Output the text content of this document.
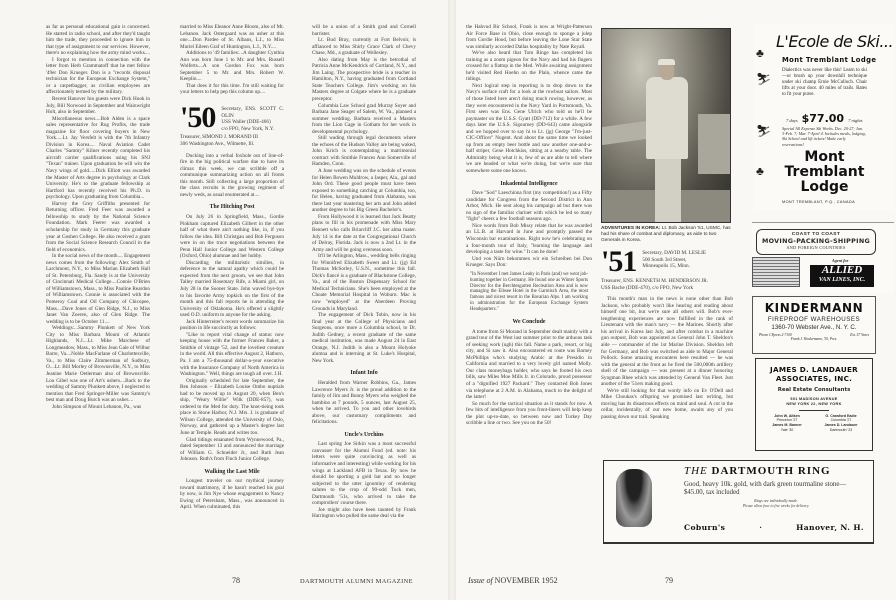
as far as personal educational gain is concerned. He started in radio school, and after they'd taught him the trade, they proceeded to ignore him in that type of assignment to our services. However, there's no explaining how the army mind works....

I forgot to mention in connection with the letter from Herb Grammatoff that he met fellow '49er Don Krueger. Don is a "records disposal technician for the European Exchange System," or a carpetbagger, as civilian employees are affectionately termed by the military.

Recent Hanover Inn guests were Dick Hook in July, Bill Norwood in September and Wainwright Holt, also in September.

Miscellaneous news....Bob Alden is a space sales representative for Rug Profits, the trade magazine for floor covering buyers in New York.....Lt. Jay Versfelt is with the 7th Infantry Division in Korea.... Naval Aviation Cadet Charles "Sammy" Kilner recently completed his aircraft carrier qualifications using his SNJ "Texan" trainer. Upon graduation he will win the Navy wings of gold.....Dick Elliott was awarded the Master of Arts degree in psychology at Clark University. He's to the graduate fellowship at Hartford has recently received his Ph.D. in psychology. Upon graduating from Columbia...

Harvey the Grey Griffiths presented for Returning officer. Fred Feer was awarded a fellowship to study by the National Science Foundation. Mark Feerer was awarded a scholarship for study in Germany this graduate year at Goshen College. He also received a grant from the Social Science Research Council in the field of economics.

In the social news of the month.... Engagement news comes from the following: Alex Smith of Larchmont, N.Y., to Miss Marian Elizabeth Hall of St. Petersburg, Fla. Sandy is at the University of Cincinnati Medical College....Connie O'Brien of Williamstown, Mass., to Miss Pauline Reardon of Williamstown. Connie is associated with the Pomeroy Coal and Oil Company of Chicopee, Mass....Dave Jones of Glen Ridge, N.J., to Miss Janet Van Zoeren, also of Glen Ridge. The wedding is to be October 11....

Weddings:...Sammy Plunkett of New York City to Miss Barbara Mount of Atlantic Highlands, N.J....Lt. Mike Marchese of Longmeadow, Mass., to Miss Jean Gale of Wilbur Barre, Va....Noble MacFarlane of Charlottesville, Va., to Miss Claire Zimmerman of Sudbury, O....Lt. Bill Morley of Brownsville, N.Y., to Miss Jeanine Marie Oetlerman also of Brownsville. Lou Gibel was one of Art's ushers....Back to the wedding of Sammy Plunkett above, I neglected to mention that Fred Springer-Miller was Sammy's best man and Doug Burch was an usher....

John Simpson of Mount Lebanon, Pa., was

married to Miss Eleanor Anne Bloom, also of Mt. Lebanon. Jack Ostergaard was an usher at this one....Don Pardee of St. Albans, L.I., to Miss Muriel Eileen Graf of Huntington, L.I., N.Y....

Additions to '49 families:...A daughter Cynthia Ann was born June 1 to Mr. and Mrs. Russell Wolferts....A son Gordon Fox was born September 5 to Mr. and Mrs. Robert W. Keeplin....

That does it for this time. I'm still waiting for your letters to help pep this column up....

'50 Secretary, ENS. SCOTT C. OLIN
USS Waller (DDE-466)
c/o FPO, New York, N.Y.
Treasurer, SIMOND J. MORAND III
306 Washington Ave., Wilmette, Ill.

Ducking into a verbal foxhole out of line-of-fire in the big political warfare due to have its climax this week, we can scribble off a communique summarizing action on all fronts this month. Still collecting a large proportion of the class recruits is the growing regiment of newly weds, as usual enumerated at....

The Hitching Post

On July 26 in Springfield, Mass., Gordie Pinkham captured Elizabeth Gilbert in the other half of what there ain't nothing like, in, if you follow the idea. Bill Christgau and Bob Ferguson were in on the truce negotiations between the Penn Hall Junior College and Western College (Oxford, Ohio) alumnae and her hubby.

Discarding the militaristic similies, in deference to the natural apathy which could be expected from the next groom, we see that John Talley married Rosemary Rife, a Miami girl, on July 28 in the Sooner State. John waved bye-bye to his favorite Army topkick on the first of the month and this fall reports he is attending the University of Oklahoma. He's offered a slightly used O.D. uniform to anyone for the asking.

Jack Hinterreiter's recent words summarize his position in life succinctly as follows:

"Like to report vital change of status: now keeping house with the former Frances Baker, a Smithie of vintage '52, and the loveliest creature in the world. All this effective August 2, Hatboro, Pa. I am a 75-thousand dollar-a-year executive with the Insurance Company of North America in Washington." Well, things are tough all over. J.H.

Originally scheduled for late September, the Ben Johnson – Elizabeth Louise Ombo nuptials had to be moved up to August 20, when Ben's ship, "Weary Willie" Wilk (DDE-857), was ordered to the Med for duty. The knot-tieing took place in Stone Harbor, N.J. Mrs. J. is graduate of Wilson College, attended the University of Oslo, Norway, and gathered up a Master's degree last June at Temple. Reads and writes too.

Glad tidings emanated from Wynnewood, Pa., dated September 13 and announced the marriage of William G. Schneider Jr., and Ruth Jean Johnson. Ruth's from Finch Junior College.

Walking the Last Mile

Longest traveler on our mythical journey toward matrimony, if he hasn't reached his goal by now, is Jim Nye whose engagement to Nancy Ewing of Petersham, Mass., was announced in April. When culminated, this

will be a union of a Smith grad and Cornell barrister.

Lt. Bud Bray, currently at Fort Belvoir, is affianced to Miss Shirly Grace Clark of Chevy Chase, Md., a graduate of Wellesley.

Also dating from May is the betrothal of Patricia Anne McKendrick of Cortland, N.Y., and Jim Laing. The prospective bride is a teacher in Hamilton, N.Y., having graduated from Cortland State Teachers College. Jim's working on his Masters degree at Colgate where he is a graduate preceptor.

Columbia Law School grad Murray Soyer and Barbara Jane Seager of Salem, W. Va., planned a summer wedding. Barbara received a Masters from the Lion Cage in Gotham for her work in developmental psychology.

Still wading through legal documents where the echoes of the Hudson Valley are being waked, John Krich is contemplating a matrimonial contract with Smithie Frances Ann Somerville of Hamden, Conn.

A June wedding was on the schedule of events for Helen Bowen Muldrow, a Jasper, Ala., gal and John Ord. These good people must have been exposed to something catching at Columbia, too, for Helen, having graduated from Alabama, was there last year mastering her arts and John added another degree to his Big Green Bachelor's.

From Hollywood it is learned that Jack Beatty plans to fill in his promenade with Miss Mary Bennett who calls Briarcliff J.C. her alma mater. July 14 is the date at the Congregational Church of Delray, Florida. Jack is now a 2nd Lt. in the Army and will be going overseas soon.

It'll be Arlington, Mass., wedding bells ringing for Winnifred Elizabeth Sweet and Lt. (jg) Ed Thomas McSorley, U.S.N., sometime this fall. Dick's fiancé is a graduate of Blackstone College, Va., and of the Boston Dispensary School for Medical Technicians. She's been employed at the Choate Memorial Hospital in Woburn. Mac is now "employed" at the Aberdeen Proving Grounds in Maryland.

The engagement of Dick Tobin, now in his final year at the College of Physicians and Surgeons, once more a Columbia school, to Dr. Judith Gedney, a recent graduate of the same medical institution, was made August 24 in East Orange, N.J. Judith is also a Mount Holyoke alumna and is interning at St. Luke's Hospital, New York.

Infant Info

Heralded from Warner Robbins, Ga., James Lawrence Myers Jr. is the proud addition to the family of Jim and Bunny Myers who weighed the bambino at 7 pounds, 5 ounces, last August 25, when he arrived. To you and other lovebirds above, our customary compliments and felicitations.

Uncle's Urchins

Last spring Joe Sirkin was a most successful canvasser for the Alumni Fund (ed. note: his letters were quite convincing as well as informative and interesting) while working for his wings at Lackland AFB in Texas. By now he should be sporting a gold bar and no longer subjected to the utter ignominy of rendering salutes to the crop of 90-odd Tuck men, Dartmouth '51s, who arrived to take the comptrollers' course there.

Joe might also have been taunted by Frank Harrington who pulled the same deal via the

the Hahvud Bir School, Frank is now at Wright-Patterson Air Force Base in Ohio, close enough to sponge a julep from Gordie Hood, but before leaving the Lone Star State was similarly accorded Dallas hospitality by Nate Royall.

We've also heard that Tom Ringe has completed his training as a zoom pigeon for the Navy and had his fingers crossed for a flattop in the Med. While awaiting assignment he'd visited Red Hoehn on the Plain, whence came the tidings.

Next logical step in reporting is to drop down to the Navy's surface craft for a look at the rowboat sailors. Most of those listed here aren't doing much rowing, however, as they were encountered in the Navy Yard in Portsmouth, Va. First seen was Ens. Gene Ulrich who told us he'll be paymaster on the U.S.S. Gyatt (DD-712) for a while. A few days later the U.S.S. Sigourney (DD-643) came alongside and we hopped over to say hi to Lt. (jg) George "I'm-just-CIC-Officer" Nugent. And about the same time we looked up from an empty beer bottle and saw another one-and-a-half striper, Gene Hotchkiss, sitting at a nearby table. The Admiralty being what it is, few of us are able to tell where we are headed or what we're doing, but we're sure that somewhere some one knows.

Inkadental Intelligence

Dave "Sod" Laeschinna first (my competition!) as a Fifty candidate for Congress from the Second District in Ann Arbor, Mich. He sent along his campaign ad but there was no sign of the familiar clarinet with which he led so many "fight" cheers a few football seasons ago.

Nice words from Bob Missy relate that he was awarded an LL.B. at Harvard in June and promptly passed the Wisconsin bar examinations. Right now he's celebrating on a four-month tour of Italy, "learning the language and developing a taste for wine." It can be done!

Und von Nürn bekommen wir ein Schreiben bei Don Krueger. Says Don:

"In November I met James Leahy in Paris (and) we went job-hunting together in Germany. He found one as Winter Sports Director for the Berchtesgarten Recreation Area and is now managing the Eibsee Hotel in the Garmisch Area, the most famous and nicest resort in the Bavarian Alps. I am working in administration for the European Exchange System Headquarters."
We Conclude

A tome from Si Morand in September dealt mainly with a grand tour of the West last summer prior to the arduous task of seeking work (ugh) this fall. Name a park, resort, or big city, and Si saw it. Also encountered en route was Barney McPhillips who's studying Arabic at the Presidio in California and married to a very lovely girl named Molly. Our class moneybags holder, who says he footed his own bills, saw Miles Moe Mills Jr. in Colorado, proud possessor of a "dignified 1927 Packard." They contacted Bob Jones via telephone at 2 A.M. in Alabama, much to the delight of the latter!

So much for the tactical situation as it stands for now. A few bits of intelligence from you front-liners will help keep the plot up-to-date, so between now and Turkey Day scribble a line or two. See you on the 50!

ADVENTURES IN KOREA: Lt. Bob Jackson '51, USMC, has had his share of combat and diplomacy, as aide to two Generals in Korea.
'51 Secretary, DAVID M. LESLIE
500 South 3rd Street,
Minneapolis 15, Minn.
Treasurer, ENS. KENNETH M. HENDERSON JR.
USS Bache (DDE-470), c/o FPO, New York

This month's man in the news is none other than Bob Jackson, who probably won't like hearing and reading about himself one bit, but we're sure all others will. Bob's ever-lengthening experiences are now fulfilled in the rank of Lieutenant with the man's navy — the Marines. Shortly after his arrival in Korea last July, and after combat in a machine gun outpost, Bob was appointed as General John T. Sheldon's aide — commander of the 1st Marine Division. Sheldon left for Germany, and Bob was switched as aide to Major General Pollock. Some amazing encounters here resulted — he was with the general at the front as he fired the 500,000th artillery shell of the campaign — was present at a dinner honoring Syngman Rhee which was attended by General Van Fleet. Just another of the '51ers making good.

We're still looking for that wordy info on Ev O'Dell and Mike Choukas's offspring we promised last writing, but moving has its disastrous effects on mind and soul. A cot in the cellar, incidentally, of our new home, awaits any of you passing down our trail. Speaking

♣
⛷
⛷
♣
L'Ecole de Ski...
Mont Tremblant Lodge
Dialectics was never like this! Learn to ski—or brush up your downhill technique under ski champ Ernie McCulloch. Chair lifts at your door. 40 miles of trails. Rates to fit your purse.
7 days $77.00 7 nights
Special All Expense Ski Weeks. Dec. 20-27; Jan. 3-Feb. 7; Mar. 7-April 4. Includes meals, lodging, Ski School and lift tickets! Make early reservations!
Mont
Tremblant
Lodge
MONT TREMBLANT, P.Q., CANADA
COAST TO COAST
MOVING-PACKING-SHIPPING
AND FOREIGN COUNTRIES
Agent for
ALLIED
VAN LINES, INC.
KINDERMANN
FIREPROOF WAREHOUSES
1360-70 Webster Ave., N. Y. C.
Phone CYpress 2-7100	Est. 57 Years
Frank J. Kindermann, '30, Pres.
JAMES D. LANDAUER
ASSOCIATES, INC.
Real Estate Consultants
501 MADISON AVENUE
NEW YORK 22, NEW YORK
John W. Aitken
Princeton '27
G. Crawford Eadie
Columbia '27
James M. Banner
Yale '30
James D. Landauer
Dartmouth '23
THE DARTMOUTH RING
Good, heavy 10k. gold, with dark green tourmaline stone—$45.00, tax included
Rings are individually made.
Please allow four to five weeks for delivery.
Coburn's	·	Hanover, N. H.
78	DARTMOUTH ALUMNI MAGAZINE	Issue of NOVEMBER 1952	79
